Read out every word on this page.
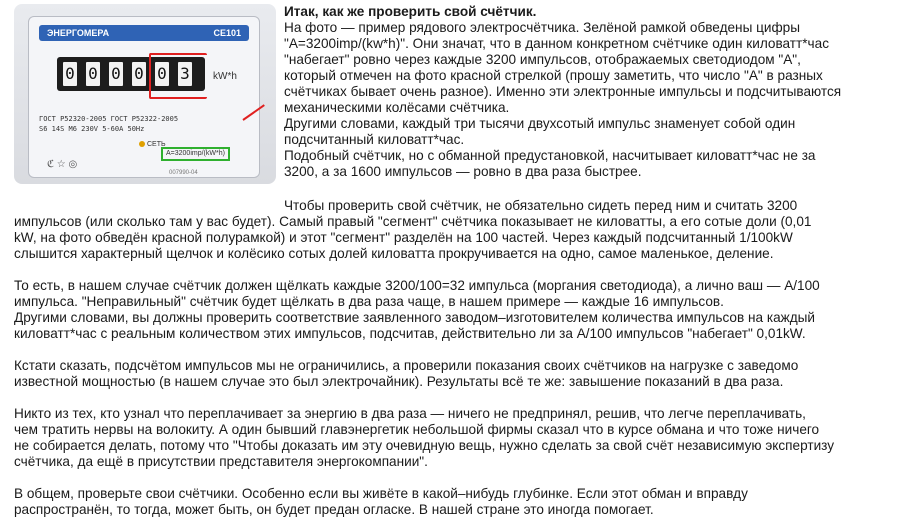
ЭНЕРГОМЕРА	CE101
0 0 0 0 0 3 kW*h
ГОСТ Р52320-2005 ГОСТ Р52322-2005
S6 14S M6 230V 5-60A 50Hz
СЕТЬ
A=3200imp/(kW*h)
ℭ ☆ ◎
007990-04

Итак, как же проверить свой счётчик.

На фото — пример рядового электросчётчика. Зелёной рамкой обведены цифры

"А=3200imp/(kw*h)". Они значат, что в данном конкретном счётчике один киловатт*час

"набегает" ровно через каждые 3200 импульсов, отображаемых светодиодом "А",

который отмечен на фото красной стрелкой (прошу заметить, что число "А" в разных

счётчиках бывает очень разное). Именно эти электронные импульсы и подсчитываются

механическими колёсами счётчика.

Другими словами, каждый три тысячи двухсотый импульс знаменует собой один

подсчитанный киловатт*час.

Подобный счётчик, но с обманной предустановкой, насчитывает киловатт*час не за

3200, а за 1600 импульсов — ровно в два раза быстрее.

Чтобы проверить свой счётчик, не обязательно сидеть перед ним и считать 3200

импульсов (или сколько там у вас будет). Самый правый "сегмент" счётчика показывает не киловатты, а его сотые доли (0,01

kW, на фото обведён красной полурамкой) и этот "сегмент" разделён на 100 частей. Через каждый подсчитанный 1/100kW

слышится характерный щелчок и колёсико сотых долей киловатта прокручивается на одно, самое маленькое, деление.

То есть, в нашем случае счётчик должен щёлкать каждые 3200/100=32 импульса (моргания светодиода), а лично ваш — А/100

импульса. "Неправильный" счётчик будет щёлкать в два раза чаще, в нашем примере — каждые 16 импульсов.

Другими словами, вы должны проверить соответствие заявленного заводом–изготовителем количества импульсов на каждый

киловатт*час с реальным количеством этих импульсов, подсчитав, действительно ли за А/100 импульсов "набегает" 0,01kW.

Кстати сказать, подсчётом импульсов мы не ограничились, а проверили показания своих счётчиков на нагрузке с заведомо

известной мощностью (в нашем случае это был электрочайник). Результаты всё те же: завышение показаний в два раза.

Никто из тех, кто узнал что переплачивает за энергию в два раза — ничего не предпринял, решив, что легче переплачивать,

чем тратить нервы на волокиту. А один бывший главэнергетик небольшой фирмы сказал что в курсе обмана и что тоже ничего

не собирается делать, потому что "Чтобы доказать им эту очевидную вещь, нужно сделать за свой счёт независимую экспертизу

счётчика, да ещё в присутствии представителя энергокомпании".

В общем, проверьте свои счётчики. Особенно если вы живёте в какой–нибудь глубинке. Если этот обман и вправду

распространён, то тогда, может быть, он будет предан огласке. В нашей стране это иногда помогает.
